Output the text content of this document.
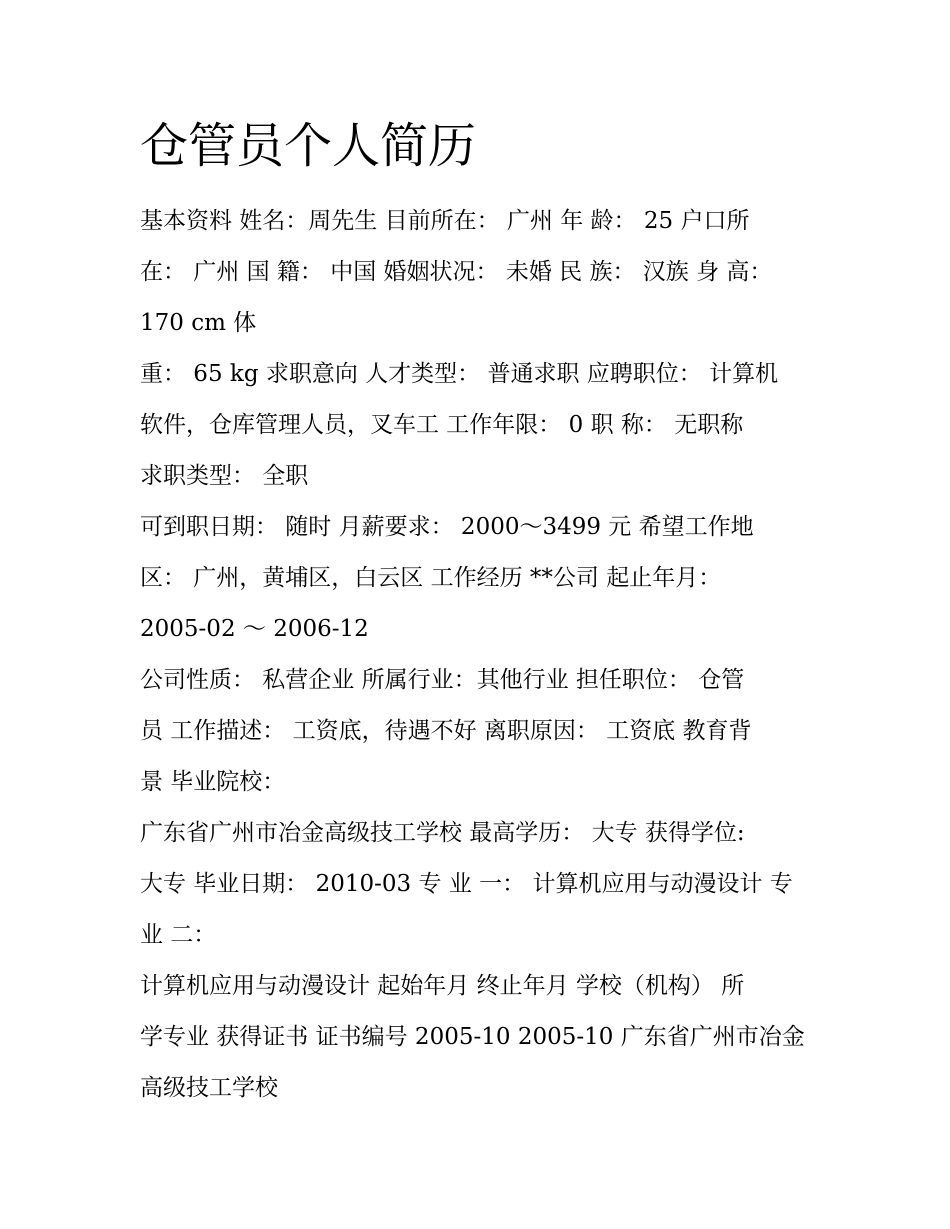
仓管员个人简历
基本资料 姓名：周先生 目前所在： 广州 年 龄： 25 户口所
在： 广州 国 籍： 中国 婚姻状况： 未婚 民 族： 汉族 身 高：
170 cm 体
重： 65 kg 求职意向 人才类型： 普通求职 应聘职位： 计算机
软件，仓库管理人员，叉车工 工作年限： 0 职 称： 无职称
求职类型： 全职
可到职日期： 随时 月薪要求： 2000～3499 元 希望工作地
区： 广州，黄埔区，白云区 工作经历 **公司 起止年月：
2005-02 ～ 2006-12
公司性质： 私营企业 所属行业：其他行业 担任职位： 仓管
员 工作描述： 工资底，待遇不好 离职原因： 工资底 教育背
景 毕业院校：
广东省广州市冶金高级技工学校 最高学历： 大专 获得学位:
大专 毕业日期： 2010-03 专 业 一： 计算机应用与动漫设计 专
业 二：
计算机应用与动漫设计 起始年月 终止年月 学校（机构） 所
学专业 获得证书 证书编号 2005-10 2005-10 广东省广州市冶金
高级技工学校
